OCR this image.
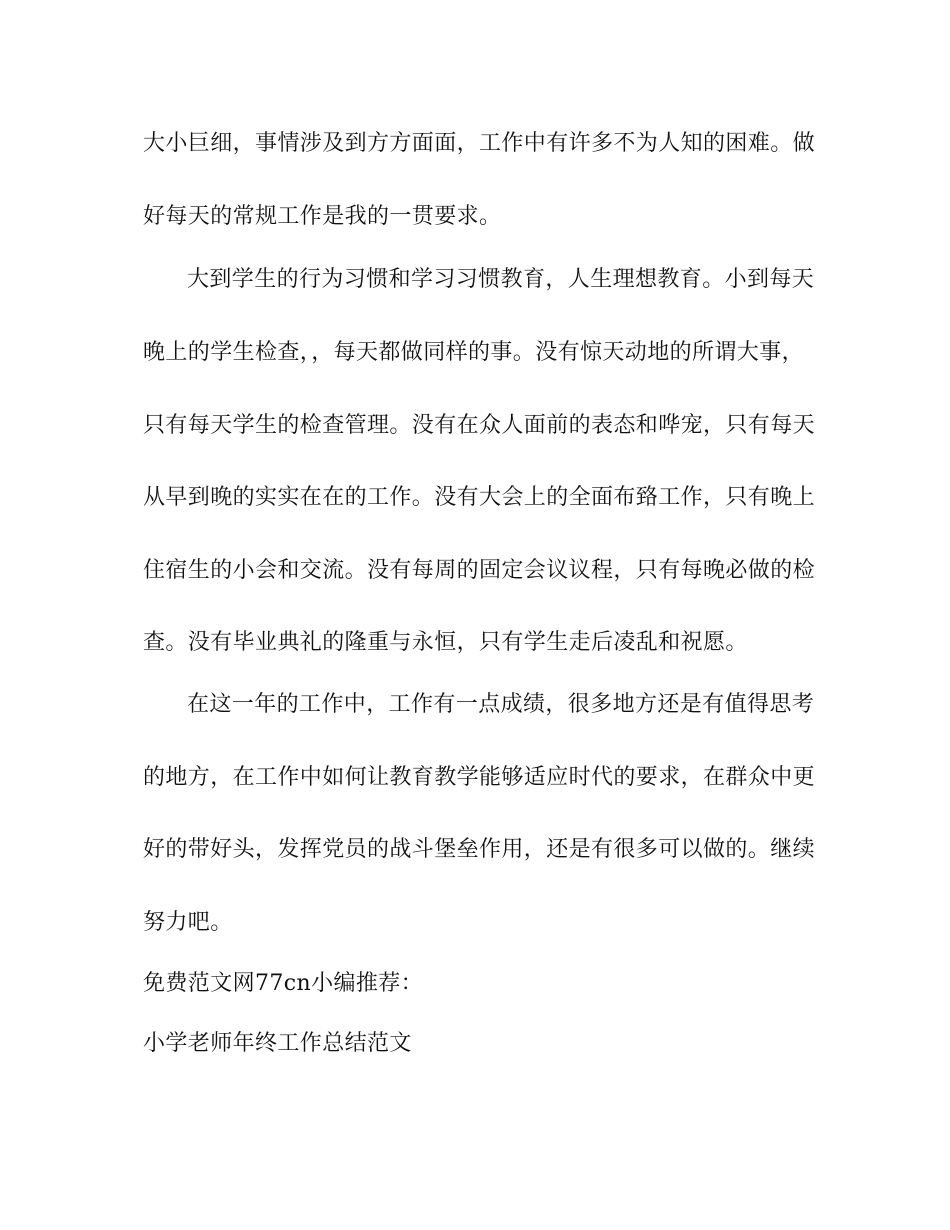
大小巨细，事情涉及到方方面面，工作中有许多不为人知的困难。做
好每天的常规工作是我的一贯要求。
大到学生的行为习惯和学习习惯教育，人生理想教育。小到每天
晚上的学生检查，，每天都做同样的事。没有惊天动地的所谓大事，
只有每天学生的检查管理。没有在众人面前的表态和哗宠，只有每天
从早到晚的实实在在的工作。没有大会上的全面布臵工作，只有晚上
住宿生的小会和交流。没有每周的固定会议议程，只有每晚必做的检
查。没有毕业典礼的隆重与永恒，只有学生走后凌乱和祝愿。
在这一年的工作中，工作有一点成绩，很多地方还是有值得思考
的地方，在工作中如何让教育教学能够适应时代的要求，在群众中更
好的带好头，发挥党员的战斗堡垒作用，还是有很多可以做的。继续
努力吧。
免费范文网77cn小编推荐：
小学老师年终工作总结范文
